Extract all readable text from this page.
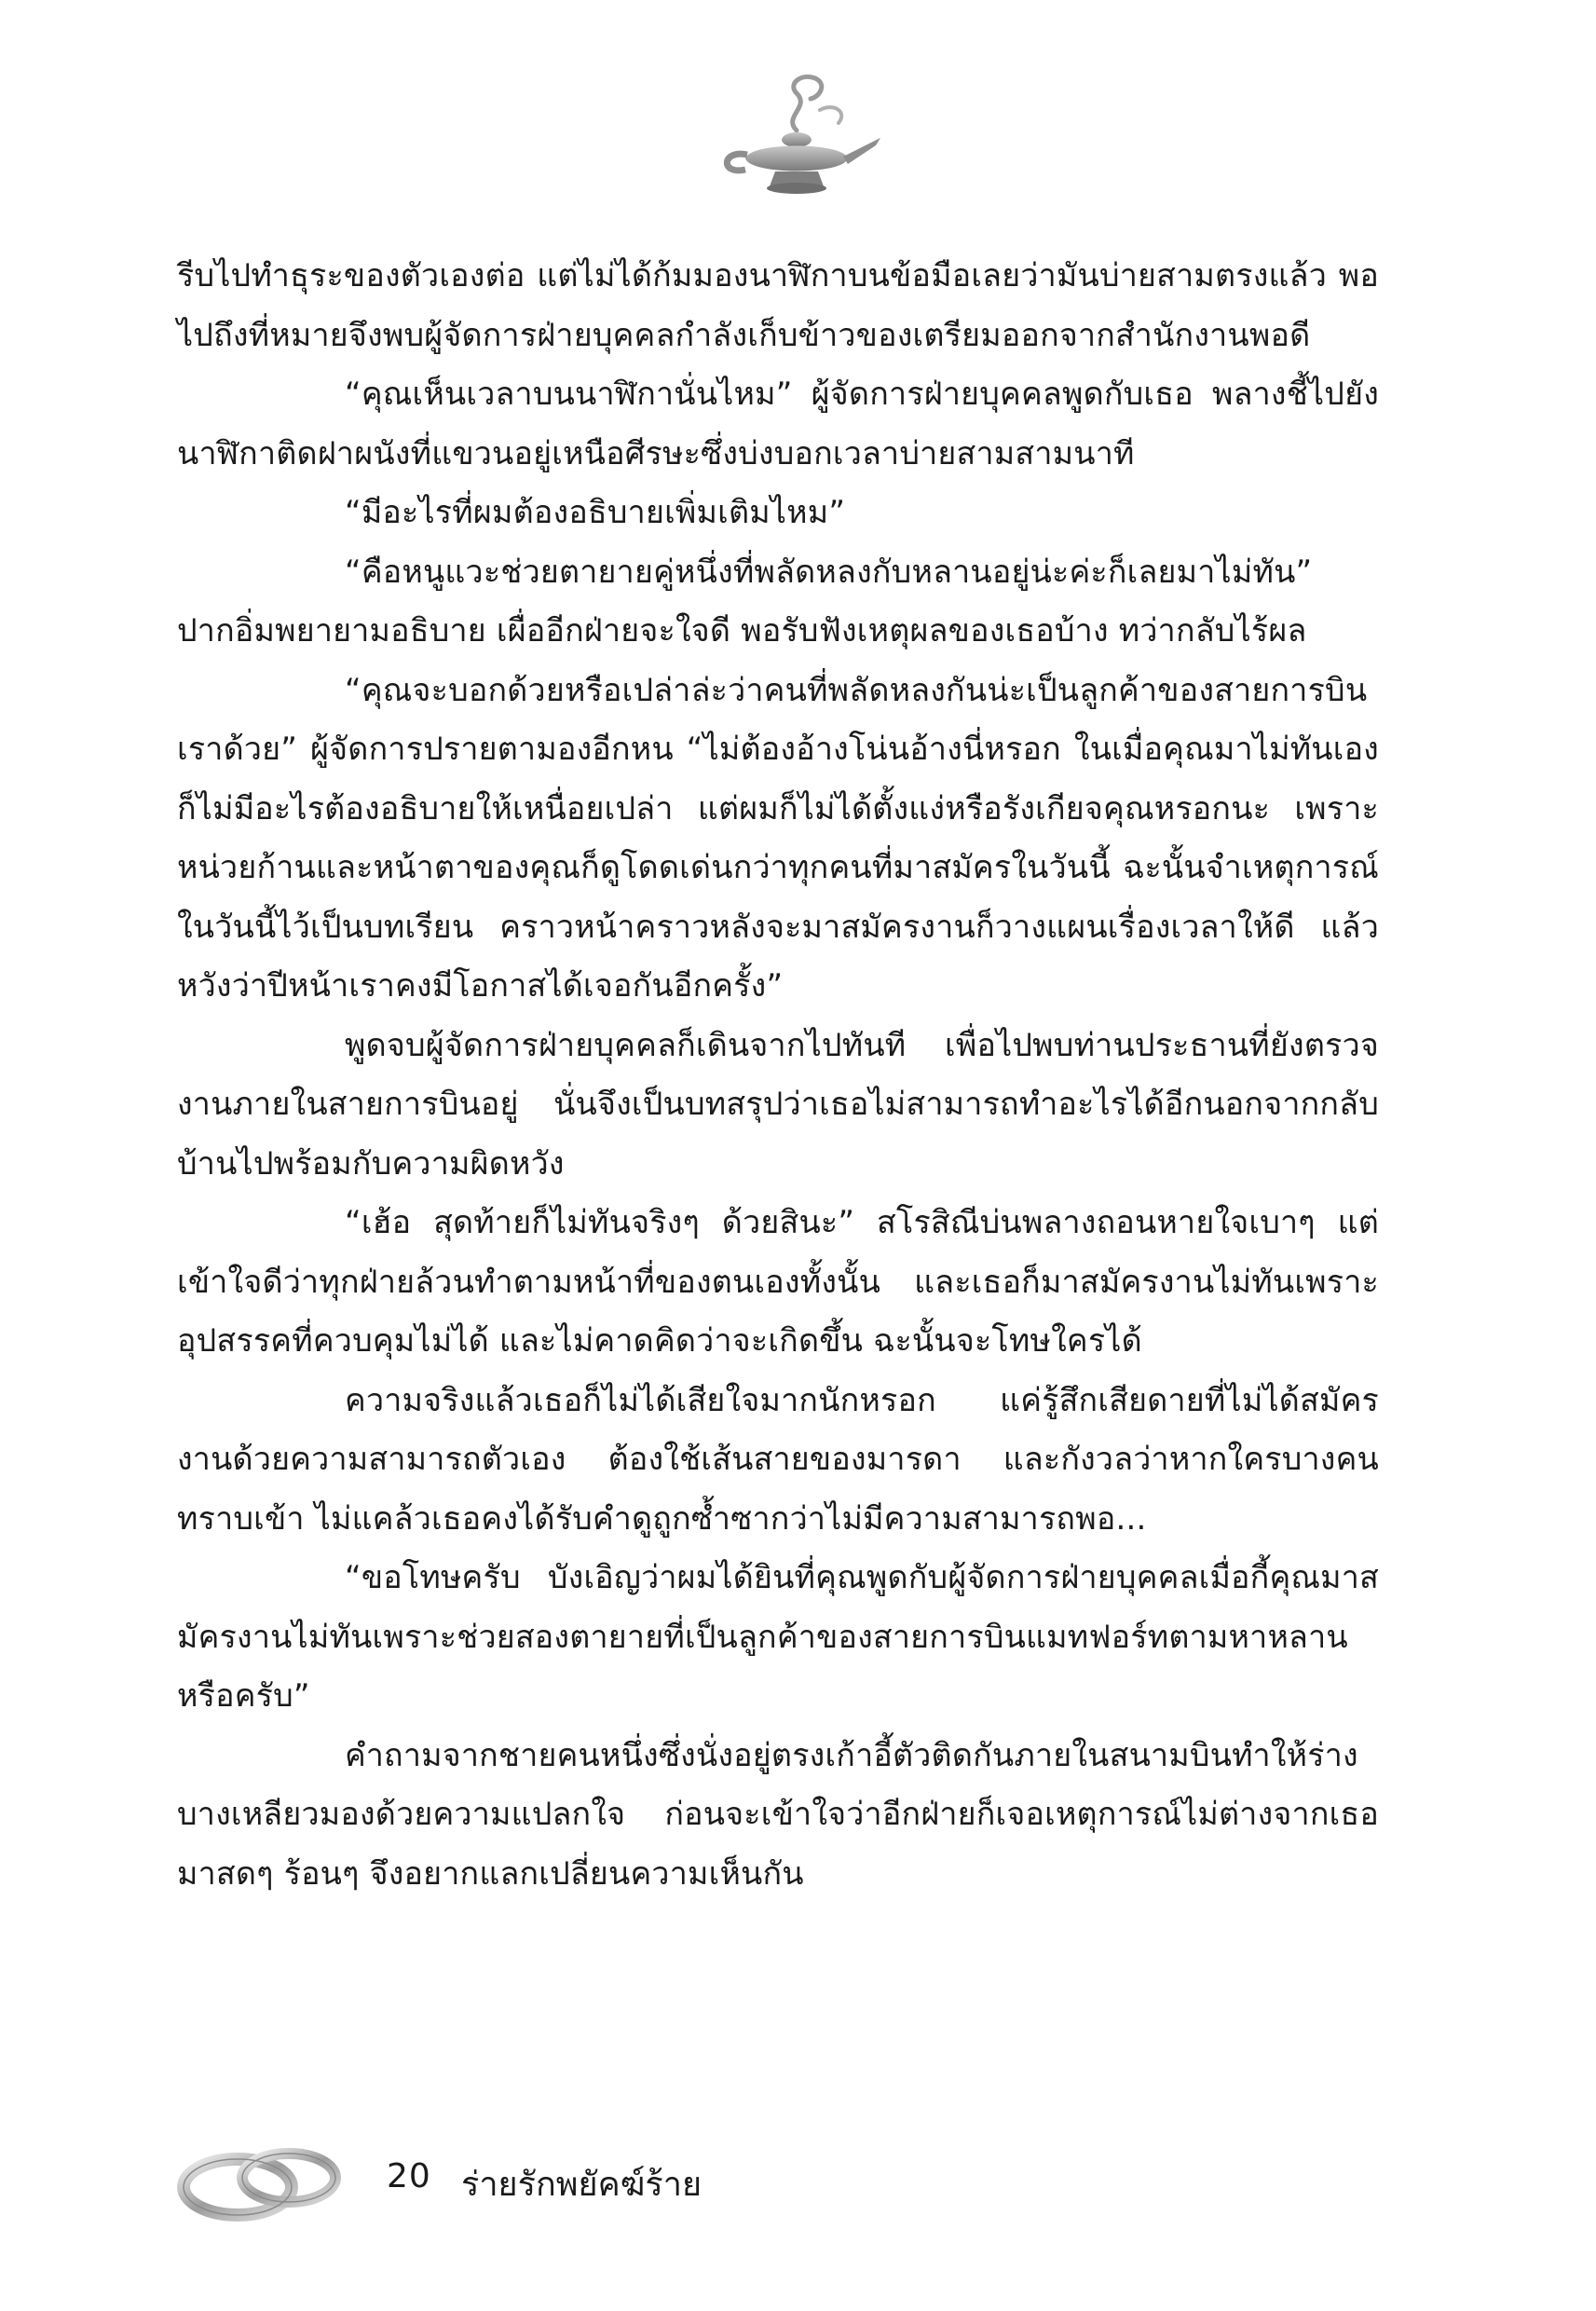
รีบไปทำธุระของตัวเองต่อ แต่ไม่ได้ก้มมองนาฬิกาบนข้อมือเลยว่ามันบ่ายสามตรงแล้ว พอไปถึงที่หมายจึงพบผู้จัดการฝ่ายบุคคลกำลังเก็บข้าวของเตรียมออกจากสำนักงานพอดี

“คุณเห็นเวลาบนนาฬิกานั่นไหม” ผู้จัดการฝ่ายบุคคลพูดกับเธอ พลางชี้ไปยังนาฬิกาติดฝาผนังที่แขวนอยู่เหนือศีรษะซึ่งบ่งบอกเวลาบ่ายสามสามนาที

“มีอะไรที่ผมต้องอธิบายเพิ่มเติมไหม”

“คือหนูแวะช่วยตายายคู่หนึ่งที่พลัดหลงกับหลานอยู่น่ะค่ะก็เลยมาไม่ทัน” ปากอิ่มพยายามอธิบาย เผื่ออีกฝ่ายจะใจดี พอรับฟังเหตุผลของเธอบ้าง ทว่ากลับไร้ผล

“คุณจะบอกด้วยหรือเปล่าล่ะว่าคนที่พลัดหลงกันน่ะเป็นลูกค้าของสายการบินเราด้วย” ผู้จัดการปรายตามองอีกหน “ไม่ต้องอ้างโน่นอ้างนี่หรอก ในเมื่อคุณมาไม่ทันเอง ก็ไม่มีอะไรต้องอธิบายให้เหนื่อยเปล่า แต่ผมก็ไม่ได้ตั้งแง่หรือรังเกียจคุณหรอกนะ เพราะหน่วยก้านและหน้าตาของคุณก็ดูโดดเด่นกว่าทุกคนที่มาสมัครในวันนี้ ฉะนั้นจำเหตุการณ์ในวันนี้ไว้เป็นบทเรียน คราวหน้าคราวหลังจะมาสมัครงานก็วางแผนเรื่องเวลาให้ดี แล้วหวังว่าปีหน้าเราคงมีโอกาสได้เจอกันอีกครั้ง”

พูดจบผู้จัดการฝ่ายบุคคลก็เดินจากไปทันที เพื่อไปพบท่านประธานที่ยังตรวจงานภายในสายการบินอยู่ นั่นจึงเป็นบทสรุปว่าเธอไม่สามารถทำอะไรได้อีกนอกจากกลับบ้านไปพร้อมกับความผิดหวัง

“เฮ้อ สุดท้ายก็ไม่ทันจริงๆ ด้วยสินะ” สโรสิณีบ่นพลางถอนหายใจเบาๆ แต่เข้าใจดีว่าทุกฝ่ายล้วนทำตามหน้าที่ของตนเองทั้งนั้น และเธอก็มาสมัครงานไม่ทันเพราะอุปสรรคที่ควบคุมไม่ได้ และไม่คาดคิดว่าจะเกิดขึ้น ฉะนั้นจะโทษใครได้

ความจริงแล้วเธอก็ไม่ได้เสียใจมากนักหรอก แค่รู้สึกเสียดายที่ไม่ได้สมัครงานด้วยความสามารถตัวเอง ต้องใช้เส้นสายของมารดา และกังวลว่าหากใครบางคนทราบเข้า ไม่แคล้วเธอคงได้รับคำดูถูกซ้ำซากว่าไม่มีความสามารถพอ...

“ขอโทษครับ บังเอิญว่าผมได้ยินที่คุณพูดกับผู้จัดการฝ่ายบุคคลเมื่อกี้คุณมาสมัครงานไม่ทันเพราะช่วยสองตายายที่เป็นลูกค้าของสายการบินแมทฟอร์ทตามหาหลานหรือครับ”

คำถามจากชายคนหนึ่งซึ่งนั่งอยู่ตรงเก้าอี้ตัวติดกันภายในสนามบินทำให้ร่างบางเหลียวมองด้วยความแปลกใจ ก่อนจะเข้าใจว่าอีกฝ่ายก็เจอเหตุการณ์ไม่ต่างจากเธอมาสดๆ ร้อนๆ จึงอยากแลกเปลี่ยนความเห็นกัน

20 ร่ายรักพยัคฆ์ร้าย
